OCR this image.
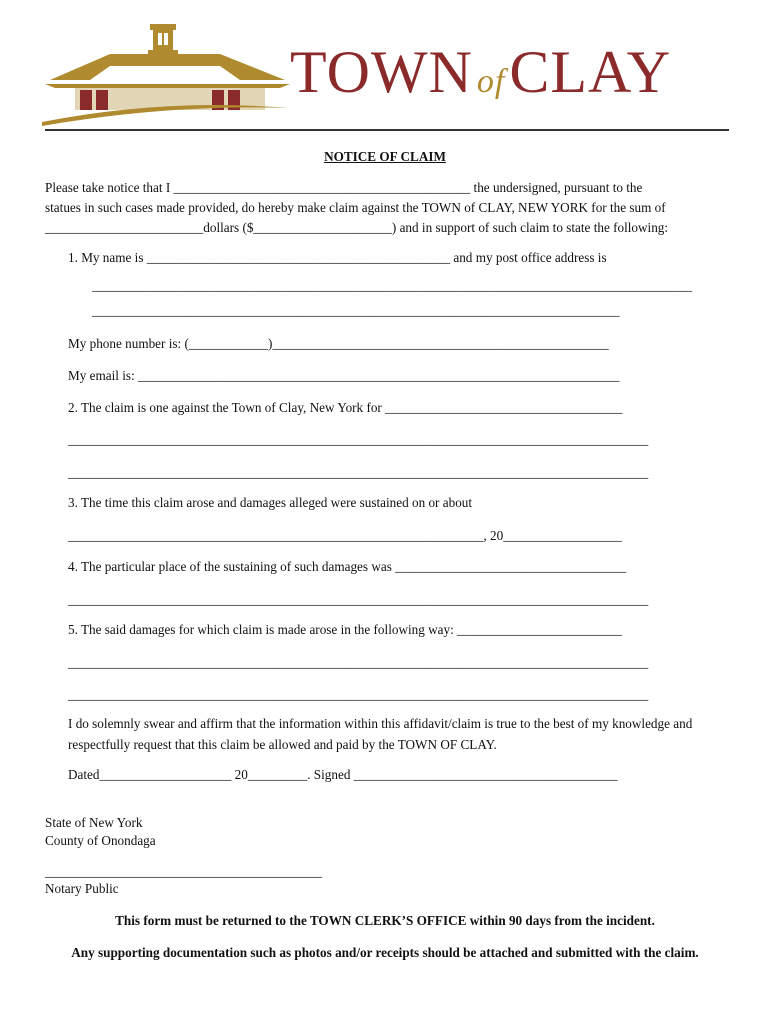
TOWN ofCLAY
NOTICE OF CLAIM
Please take notice that I _____________________________________________ the undersigned, pursuant to the
statues in such cases made provided, do hereby make claim against the TOWN of CLAY, NEW YORK for the sum of
________________________dollars ($_____________________) and in support of such claim to state the following:
1. My name is ______________________________________________ and my post office address is
___________________________________________________________________________________________
________________________________________________________________________________
My phone number is: (____________)___________________________________________________
My email is: _________________________________________________________________________
2. The claim is one against the Town of Clay, New York for ____________________________________
________________________________________________________________________________________
________________________________________________________________________________________
3. The time this claim arose and damages alleged were sustained on or about
_______________________________________________________________, 20__________________
4. The particular place of the sustaining of such damages was ___________________________________
________________________________________________________________________________________
5. The said damages for which claim is made arose in the following way: _________________________
________________________________________________________________________________________
________________________________________________________________________________________
I do solemnly swear and affirm that the information within this affidavit/claim is true to the best of my knowledge and
respectfully request that this claim be allowed and paid by the TOWN OF CLAY.
Dated____________________ 20_________. Signed ________________________________________
State of New York
County of Onondaga
__________________________________________
Notary Public
This form must be returned to the TOWN CLERK’S OFFICE within 90 days from the incident.
Any supporting documentation such as photos and/or receipts should be attached and submitted with the claim.
